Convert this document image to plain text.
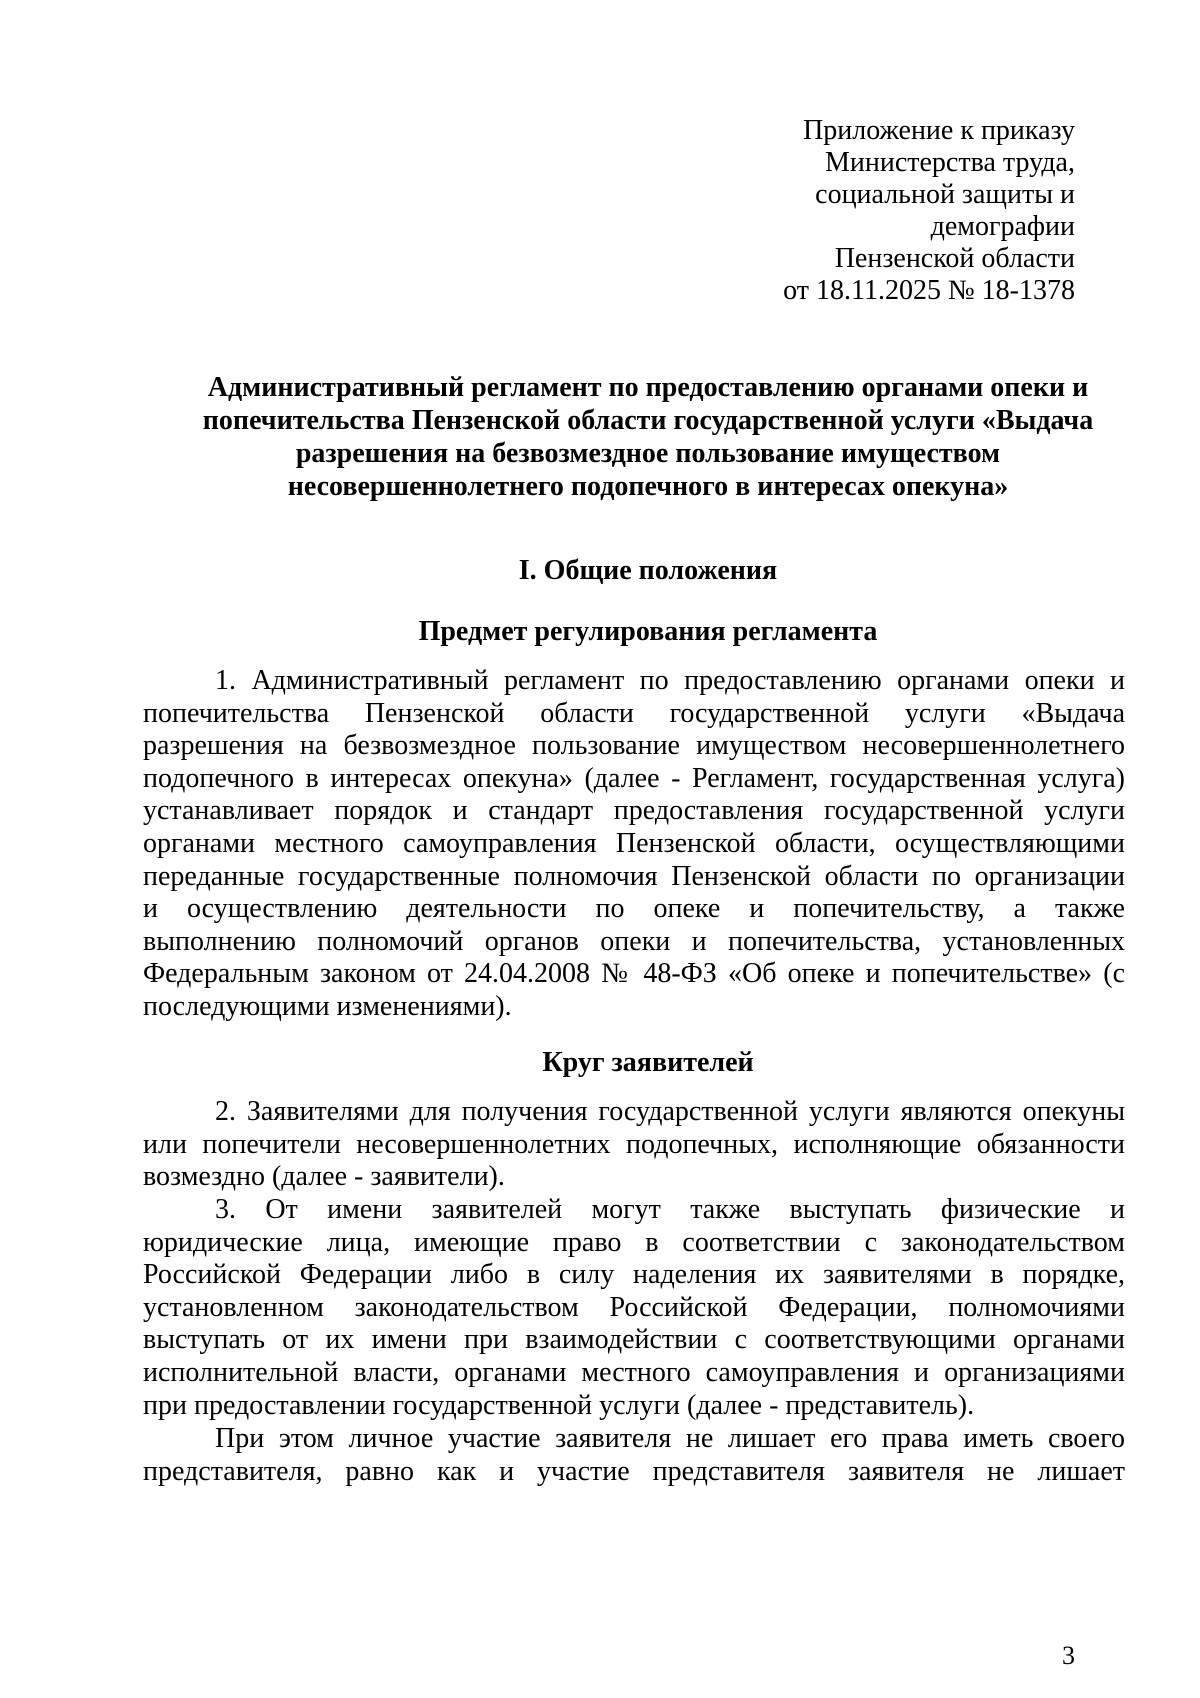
Приложение к приказу
Министерства труда,
социальной защиты и
демографии
Пензенской области
от 18.11.2025 № 18-1378
Административный регламент по предоставлению органами опеки и
попечительства Пензенской области государственной услуги «Выдача
разрешения на безвозмездное пользование имуществом
несовершеннолетнего подопечного в интересах опекуна»
I. Общие положения
Предмет регулирования регламента
1. Административный регламент по предоставлению органами опеки и
попечительства Пензенской области государственной услуги «Выдача
разрешения на безвозмездное пользование имуществом несовершеннолетнего
подопечного в интересах опекуна» (далее - Регламент, государственная услуга)
устанавливает порядок и стандарт предоставления государственной услуги
органами местного самоуправления Пензенской области, осуществляющими
переданные государственные полномочия Пензенской области по организации
и осуществлению деятельности по опеке и попечительству, а также
выполнению полномочий органов опеки и попечительства, установленных
Федеральным законом от 24.04.2008 № 48-ФЗ «Об опеке и попечительстве» (с
последующими изменениями).
Круг заявителей
2. Заявителями для получения государственной услуги являются опекуны
или попечители несовершеннолетних подопечных, исполняющие обязанности
возмездно (далее - заявители).
3. От имени заявителей могут также выступать физические и
юридические лица, имеющие право в соответствии с законодательством
Российской Федерации либо в силу наделения их заявителями в порядке,
установленном законодательством Российской Федерации, полномочиями
выступать от их имени при взаимодействии с соответствующими органами
исполнительной власти, органами местного самоуправления и организациями
при предоставлении государственной услуги (далее - представитель).
При этом личное участие заявителя не лишает его права иметь своего
представителя, равно как и участие представителя заявителя не лишает
3
